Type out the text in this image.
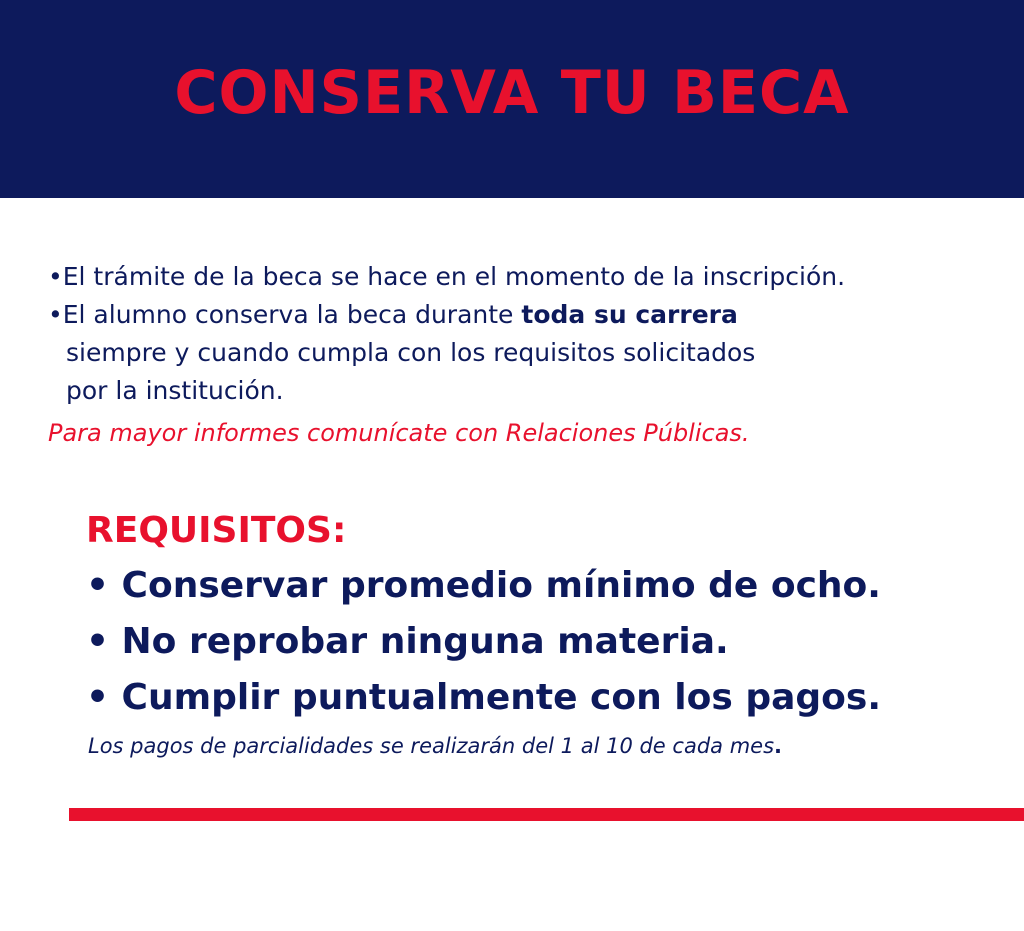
CONSERVA TU BECA

•El trámite de la beca se hace en el momento de la inscripción.

•El alumno conserva la beca durante toda su carrera

siempre y cuando cumpla con los requisitos solicitados

por la institución.

Para mayor informes comunícate con Relaciones Públicas.
REQUISITOS:
• Conservar promedio mínimo de ocho.
• No reprobar ninguna materia.
• Cumplir puntualmente con los pagos.
Los pagos de parcialidades se realizarán del 1 al 10 de cada mes.
